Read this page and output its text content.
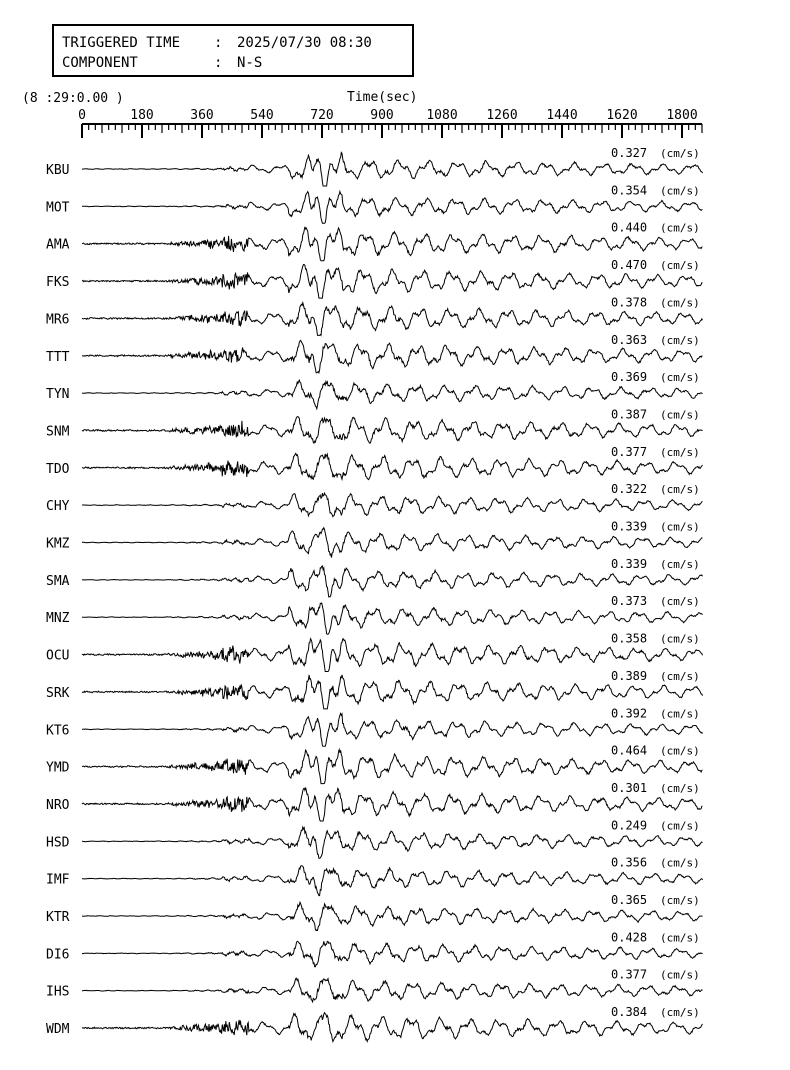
TRIGGERED TIME : 2025/07/30 08:30
COMPONENT	: N-S
(8 :29:0.00 )	Time(sec)
0	180	360	540	720	900	1080 1260 1440 1620 1800
KBU
0.327 (cm/s)
MOT
0.354 (cm/s)
AMA
0.440 (cm/s)
FKS
0.470 (cm/s)
MR6
0.378 (cm/s)
TTT
0.363 (cm/s)
TYN
0.369 (cm/s)
SNM
0.387 (cm/s)
TDO
0.377 (cm/s)
CHY
0.322 (cm/s)
KMZ
0.339 (cm/s)
SMA
0.339 (cm/s)
MNZ
0.373 (cm/s)
OCU
0.358 (cm/s)
SRK
0.389 (cm/s)
KT6
0.392 (cm/s)
YMD
0.464 (cm/s)
NRO
0.301 (cm/s)
HSD
0.249 (cm/s)
IMF
0.356 (cm/s)
KTR
0.365 (cm/s)
DI6
0.428 (cm/s)
IHS
0.377 (cm/s)
WDM
0.384 (cm/s)
